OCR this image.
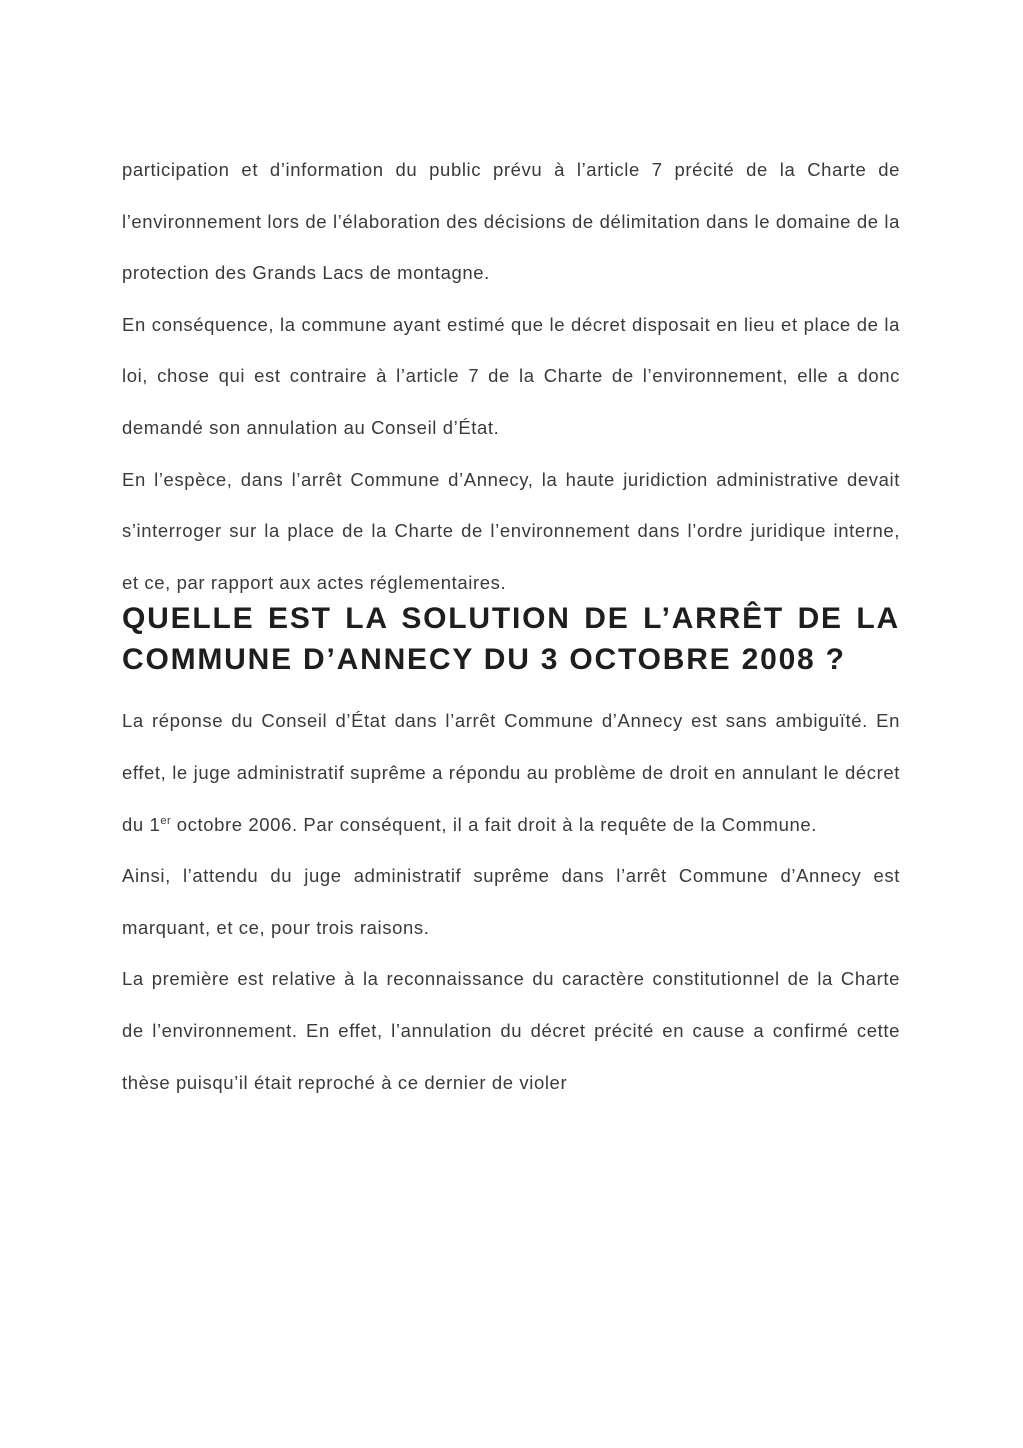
participation et d’information du public prévu à l’article 7 précité de la Charte de l’environnement lors de l’élaboration des décisions de délimitation dans le domaine de la protection des Grands Lacs de montagne.

En conséquence, la commune ayant estimé que le décret disposait en lieu et place de la loi, chose qui est contraire à l’article 7 de la Charte de l’environnement, elle a donc demandé son annulation au Conseil d’État.

En l’espèce, dans l’arrêt Commune d’Annecy, la haute juridiction administrative devait s’interroger sur la place de la Charte de l’environnement dans l’ordre juridique interne, et ce, par rapport aux actes réglementaires.

QUELLE EST LA SOLUTION DE L’ARRÊT DE LA COMMUNE D’ANNECY DU 3 OCTOBRE 2008 ?

La réponse du Conseil d’État dans l’arrêt Commune d’Annecy est sans ambiguïté. En effet, le juge administratif suprême a répondu au problème de droit en annulant le décret du 1er octobre 2006. Par conséquent, il a fait droit à la requête de la Commune.

Ainsi, l’attendu du juge administratif suprême dans l’arrêt Commune d’Annecy est marquant, et ce, pour trois raisons.

La première est relative à la reconnaissance du caractère constitutionnel de la Charte de l’environnement. En effet, l’annulation du décret précité en cause a confirmé cette thèse puisqu’il était reproché à ce dernier de violer
